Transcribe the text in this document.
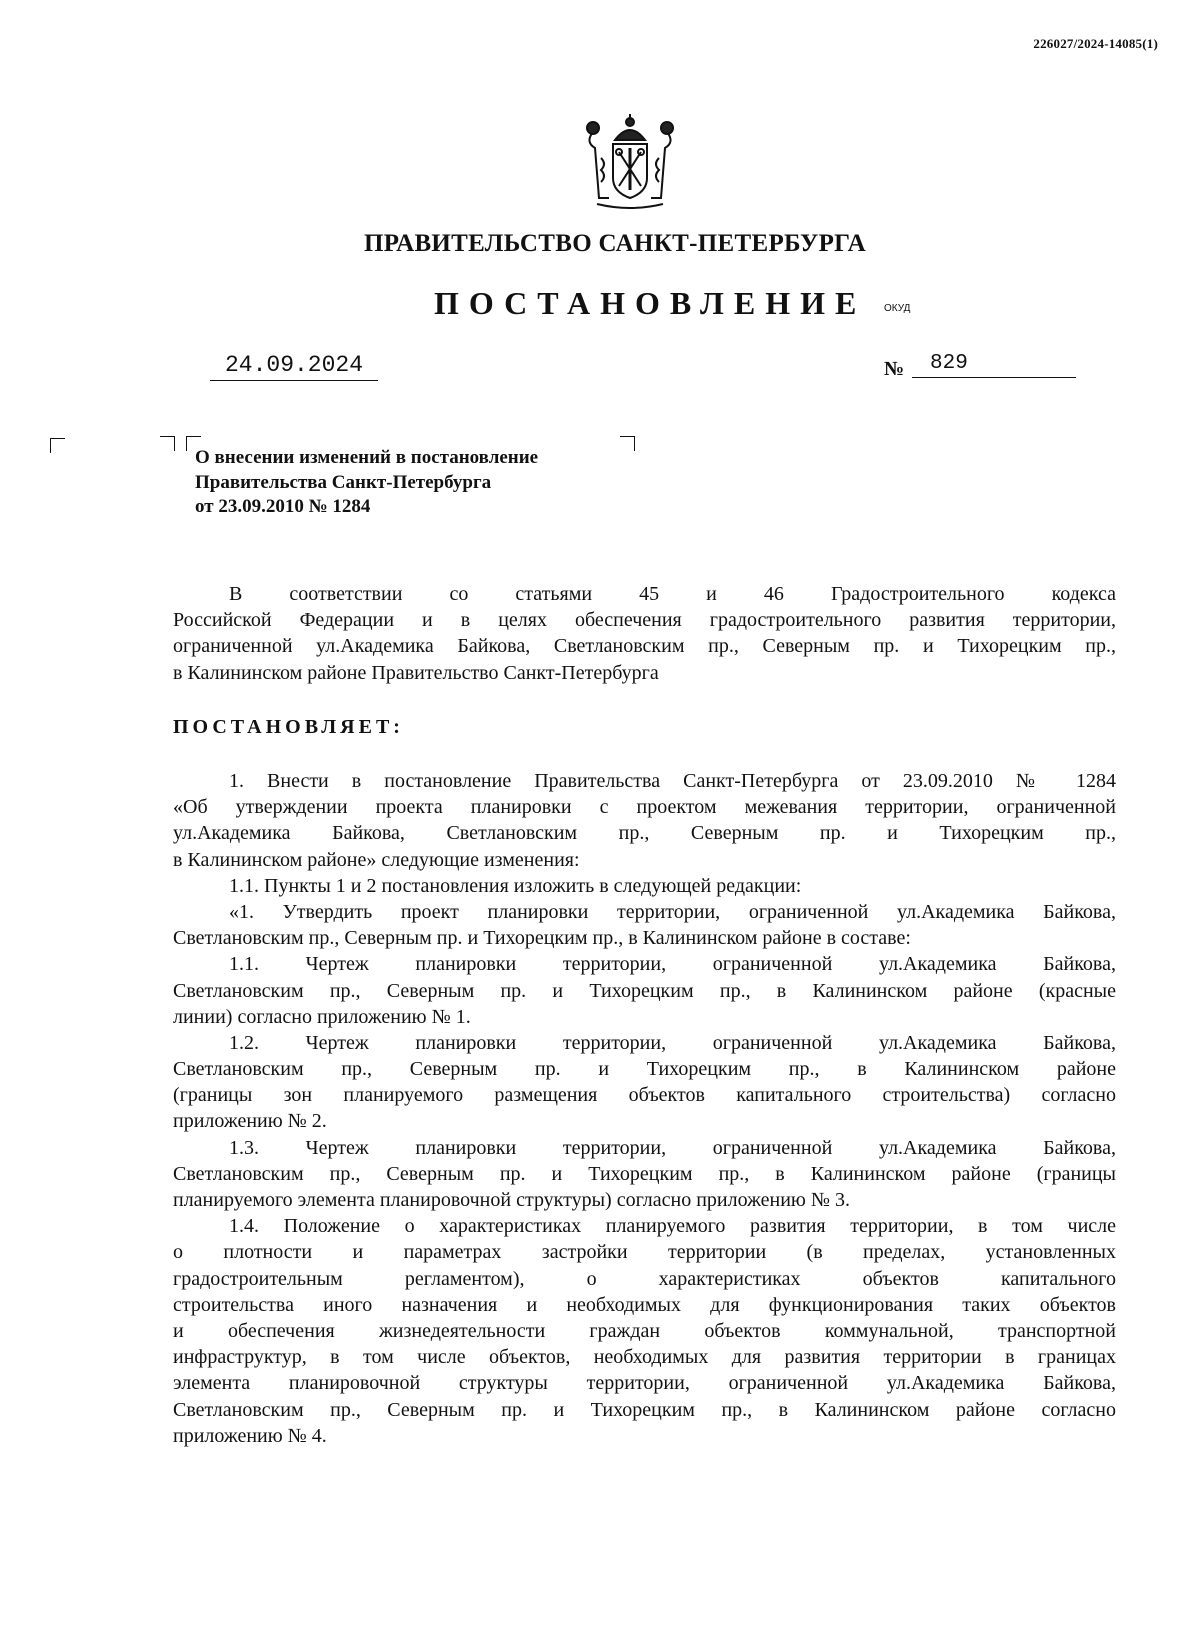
226027/2024-14085(1)
ПРАВИТЕЛЬСТВО САНКТ-ПЕТЕРБУРГА
ПОСТАНОВЛЕНИЕ ОКУД
24.09.2024	№	829
О внесении изменений в постановление
Правительства Санкт-Петербурга
от 23.09.2010 № 1284
В соответствии со статьями 45 и 46 Градостроительного кодекса
Российской Федерации и в целях обеспечения градостроительного развития территории,
ограниченной ул.Академика Байкова, Светлановским пр., Северным пр. и Тихорецким пр.,
в Калининском районе Правительство Санкт-Петербурга
ПОСТАНОВЛЯЕТ:
1. Внести в постановление Правительства Санкт-Петербурга от 23.09.2010 № 1284
«Об утверждении проекта планировки с проектом межевания территории, ограниченной
ул.Академика Байкова, Светлановским пр., Северным пр. и Тихорецким пр.,
в Калининском районе» следующие изменения:
1.1. Пункты 1 и 2 постановления изложить в следующей редакции:
«1. Утвердить проект планировки территории, ограниченной ул.Академика Байкова,
Светлановским пр., Северным пр. и Тихорецким пр., в Калининском районе в составе:
1.1. Чертеж планировки территории, ограниченной ул.Академика Байкова,
Светлановским пр., Северным пр. и Тихорецким пр., в Калининском районе (красные
линии) согласно приложению № 1.
1.2. Чертеж планировки территории, ограниченной ул.Академика Байкова,
Светлановским пр., Северным пр. и Тихорецким пр., в Калининском районе
(границы зон планируемого размещения объектов капитального строительства) согласно
приложению № 2.
1.3. Чертеж планировки территории, ограниченной ул.Академика Байкова,
Светлановским пр., Северным пр. и Тихорецким пр., в Калининском районе (границы
планируемого элемента планировочной структуры) согласно приложению № 3.
1.4. Положение о характеристиках планируемого развития территории, в том числе
о плотности и параметрах застройки территории (в пределах, установленных
градостроительным регламентом), о характеристиках объектов капитального
строительства иного назначения и необходимых для функционирования таких объектов
и обеспечения жизнедеятельности граждан объектов коммунальной, транспортной
инфраструктур, в том числе объектов, необходимых для развития территории в границах
элемента планировочной структуры территории, ограниченной ул.Академика Байкова,
Светлановским пр., Северным пр. и Тихорецким пр., в Калининском районе согласно
приложению № 4.
